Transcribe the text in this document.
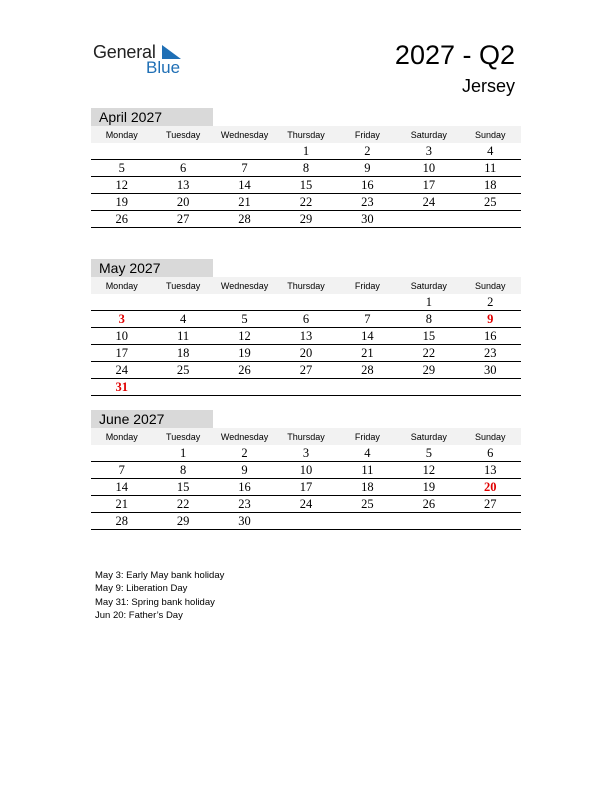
General
Blue	2027 - Q2
Jersey
April 2027
Monday	Tuesday	Wednesday	Thursday	Friday	Saturday	Sunday
			1	2	3	4
5	6	7	8	9	10	11
12	13	14	15	16	17	18
19	20	21	22	23	24	25
26	27	28	29	30		
May 2027
Monday	Tuesday	Wednesday	Thursday	Friday	Saturday	Sunday
					1	2
3	4	5	6	7	8	9
10	11	12	13	14	15	16
17	18	19	20	21	22	23
24	25	26	27	28	29	30
31						
June 2027
Monday	Tuesday	Wednesday	Thursday	Friday	Saturday	Sunday
	1	2	3	4	5	6
7	8	9	10	11	12	13
14	15	16	17	18	19	20
21	22	23	24	25	26	27
28	29	30				
May 3: Early May bank holiday
May 9: Liberation Day
May 31: Spring bank holiday
Jun 20: Father’s Day
